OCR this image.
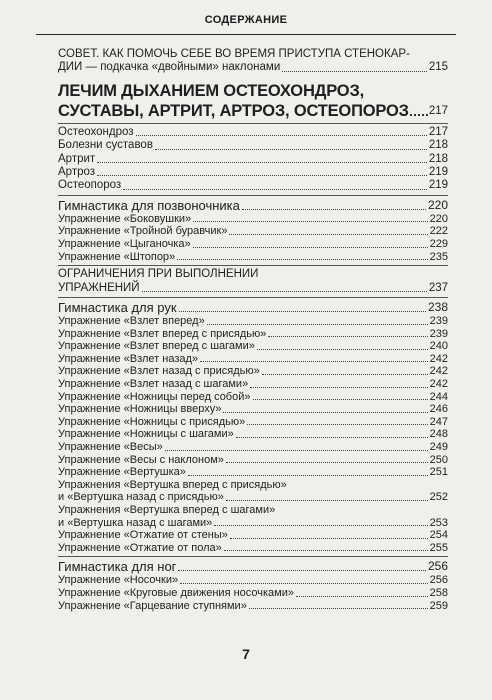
СОДЕРЖАНИЕ
СОВЕТ. КАК ПОМОЧЬ СЕБЕ ВО ВРЕМЯ ПРИСТУПА СТЕНОКАР-
ДИИ — подкачка «двойными» наклонами	215
ЛЕЧИМ ДЫХАНИЕМ ОСТЕОХОНДРОЗ,
СУСТАВЫ, АРТРИТ, АРТРОЗ, ОСТЕОПОРОЗ 217
Остеохондроз	217
Болезни суставов	218
Артрит	218
Артроз	219
Остеопороз	219
Гимнастика для позвоночника	220
Упражнение «Боковушки»	220
Упражнение «Тройной буравчик»	222
Упражнение «Цыганочка»	229
Упражнение «Штопор»	235
ОГРАНИЧЕНИЯ ПРИ ВЫПОЛНЕНИИ
УПРАЖНЕНИЙ	237
Гимнастика для рук	238
Упражнение «Взлет вперед»	239
Упражнение «Взлет вперед с присядью»	239
Упражнение «Взлет вперед с шагами»	240
Упражнение «Взлет назад»	242
Упражнение «Взлет назад с присядью»	242
Упражнение «Взлет назад с шагами»	242
Упражнение «Ножницы перед собой»	244
Упражнение «Ножницы вверху»	246
Упражнение «Ножницы с присядью»	247
Упражнение «Ножницы с шагами»	248
Упражнение «Весы»	249
Упражнение «Весы с наклоном»	250
Упражнение «Вертушка»	251
Упражнения «Вертушка вперед с присядью»
и «Вертушка назад с присядью»	252
Упражнения «Вертушка вперед с шагами»
и «Вертушка назад с шагами»	253
Упражнение «Отжатие от стены»	254
Упражнение «Отжатие от пола»	255
Гимнастика для ног	256
Упражнение «Носочки»	256
Упражнение «Круговые движения носочками»	258
Упражнение «Гарцевание ступнями»	259
7
